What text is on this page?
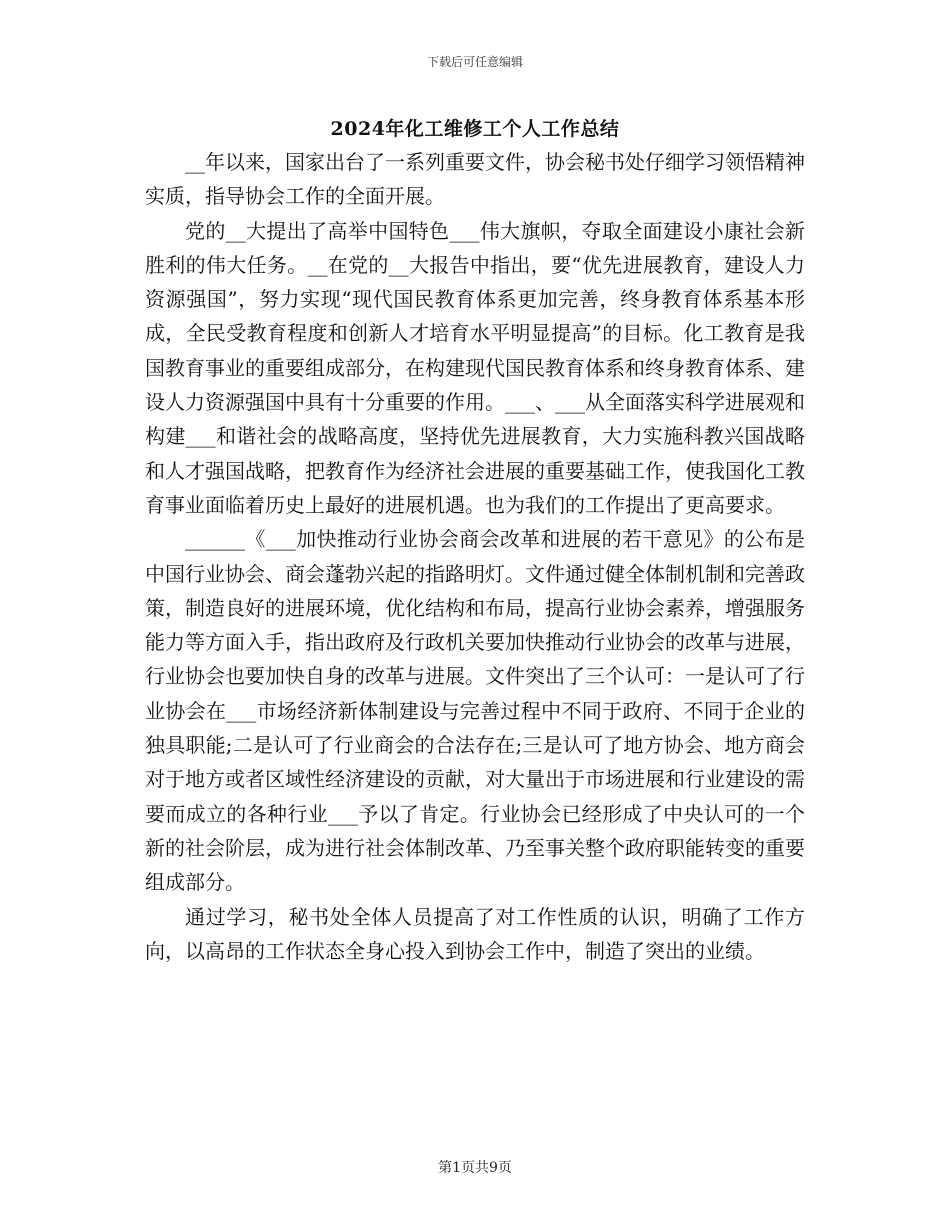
下载后可任意编辑
2024年化工维修工个人工作总结

__年以来，国家出台了一系列重要文件，协会秘书处仔细学习领悟精神实质，指导协会工作的全面开展。

党的__大提出了高举中国特色___伟大旗帜，夺取全面建设小康社会新胜利的伟大任务。__在党的__大报告中指出，要“优先进展教育，建设人力资源强国”，努力实现“现代国民教育体系更加完善，终身教育体系基本形成，全民受教育程度和创新人才培育水平明显提高”的目标。化工教育是我国教育事业的重要组成部分，在构建现代国民教育体系和终身教育体系、建设人力资源强国中具有十分重要的作用。___、___从全面落实科学进展观和构建___和谐社会的战略高度，坚持优先进展教育，大力实施科教兴国战略和人才强国战略，把教育作为经济社会进展的重要基础工作，使我国化工教育事业面临着历史上最好的进展机遇。也为我们的工作提出了更高要求。

______《___加快推动行业协会商会改革和进展的若干意见》的公布是中国行业协会、商会蓬勃兴起的指路明灯。文件通过健全体制机制和完善政策，制造良好的进展环境，优化结构和布局，提高行业协会素养，增强服务能力等方面入手，指出政府及行政机关要加快推动行业协会的改革与进展，行业协会也要加快自身的改革与进展。文件突出了三个认可：一是认可了行业协会在___市场经济新体制建设与完善过程中不同于政府、不同于企业的独具职能;二是认可了行业商会的合法存在;三是认可了地方协会、地方商会对于地方或者区域性经济建设的贡献，对大量出于市场进展和行业建设的需要而成立的各种行业___予以了肯定。行业协会已经形成了中央认可的一个新的社会阶层，成为进行社会体制改革、乃至事关整个政府职能转变的重要组成部分。

通过学习，秘书处全体人员提高了对工作性质的认识，明确了工作方向，以高昂的工作状态全身心投入到协会工作中，制造了突出的业绩。

第1页共9页
